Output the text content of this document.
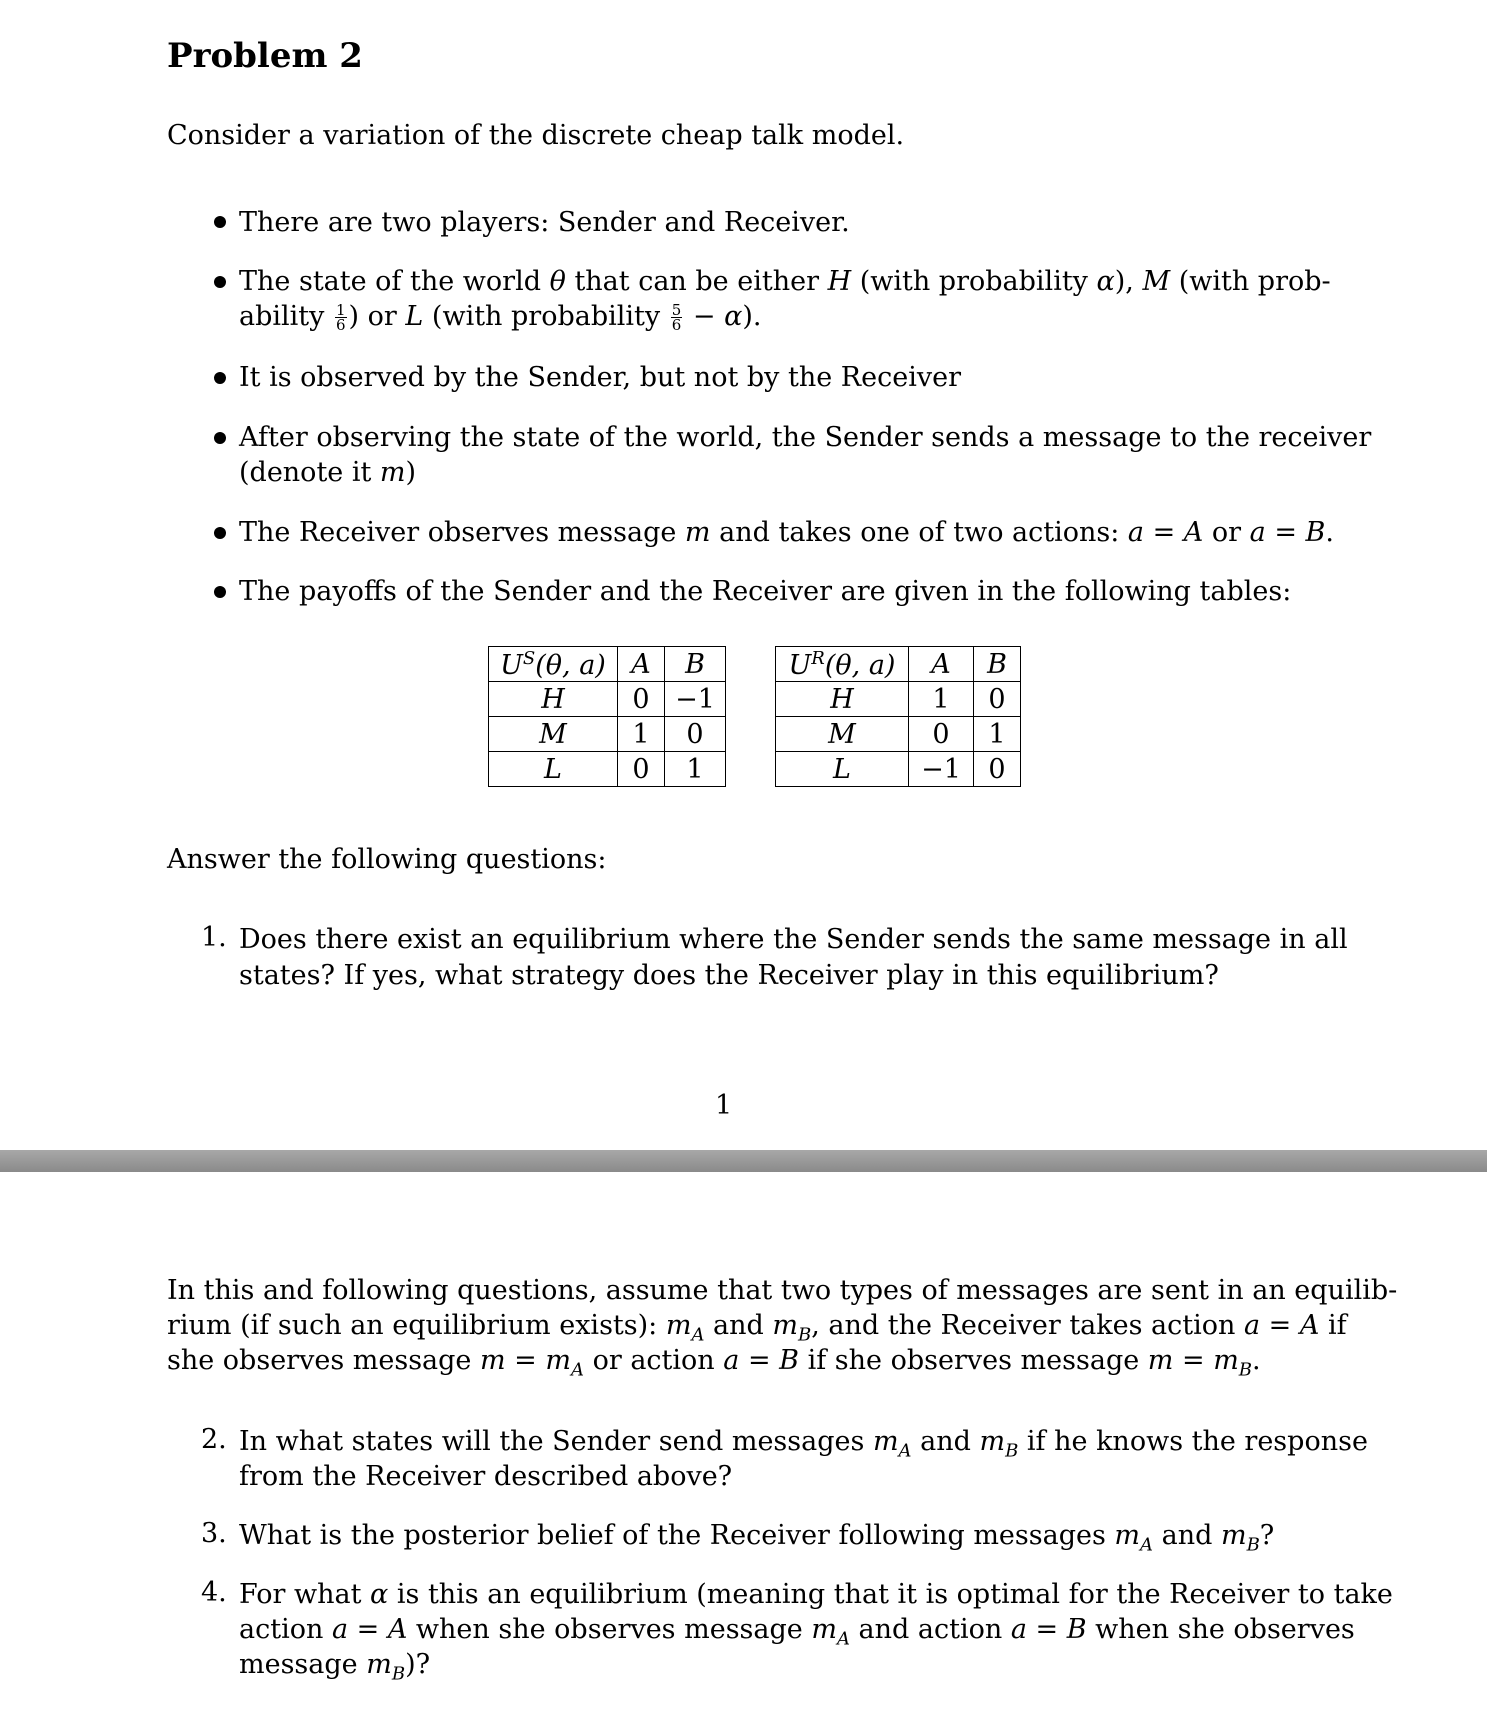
Problem 2
Consider a variation of the discrete cheap talk model.
There are two players: Sender and Receiver.
The state of the world θ that can be either H (with probability α), M (with prob-
ability $\frac{1}{6}$ ) or L (with probability $\frac{5}{6} - \alpha$).
It is observed by the Sender, but not by the Receiver
After observing the state of the world, the Sender sends a message to the receiver
(denote it m)
The Receiver observes message m and takes one of two actions: a = A or a = B.
The payoffs of the Sender and the Receiver are given in the following tables:
$U^S(\theta$, a)	A	B
H	0	−1
M	1	0
L	0	1
$U^R(\theta$, a)	A	B
H	1	0
M	0	1
L	−1	0
Answer the following questions:
1. Does there exist an equilibrium where the Sender sends the same message in all
states? If yes, what strategy does the Receiver play in this equilibrium?
1
In this and following questions, assume that two types of messages are sent in an equilib-
rium (if such an equilibrium exists): $m_A$ and $m_B$, and the Receiver takes action a = A if
she observes message $m = m_A$ or action a = B if she observes message $m = m_B$.
2. In what states will the Sender send messages $m_A$ and $m_B$ if he knows the response
from the Receiver described above?
3. What is the posterior belief of the Receiver following messages $m_A$ and $m_B$?
4. For what α is this an equilibrium (meaning that it is optimal for the Receiver to take
action a = A when she observes message $m_A$ and action a = B when she observes
message $m_B$)?
